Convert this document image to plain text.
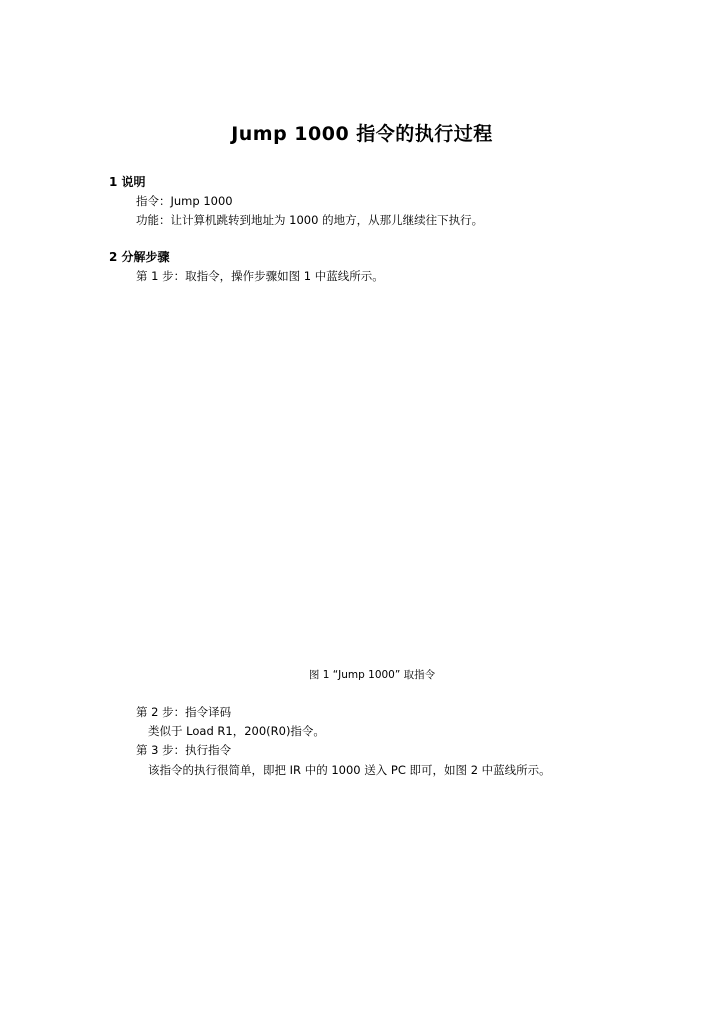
Jump 1000 指令的执行过程
1 说明
指令：Jump 1000
功能：让计算机跳转到地址为 1000 的地方，从那儿继续往下执行。
2 分解步骤
第 1 步：取指令，操作步骤如图 1 中蓝线所示。
图 1 “Jump 1000” 取指令
第 2 步：指令译码
类似于 Load R1，200(R0)指令。
第 3 步：执行指令
该指令的执行很简单，即把 IR 中的 1000 送入 PC 即可，如图 2 中蓝线所示。
